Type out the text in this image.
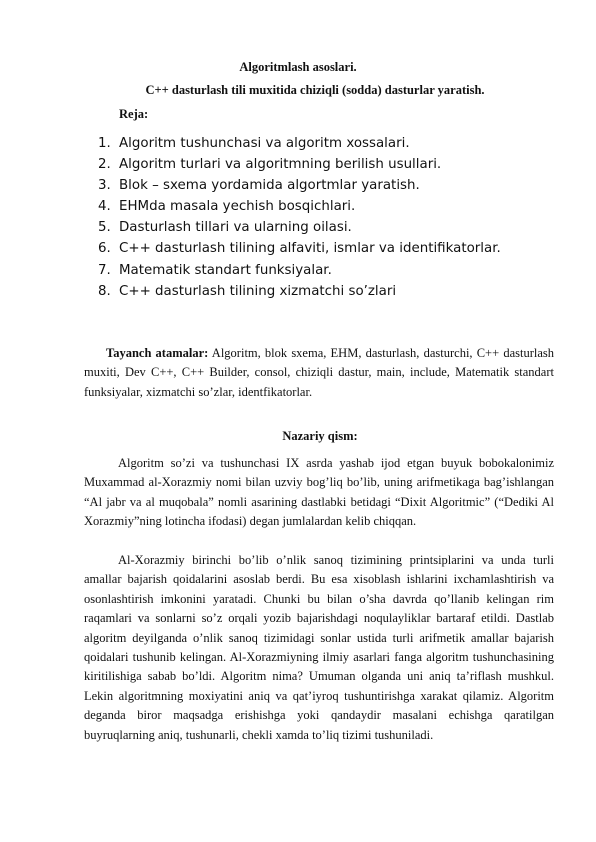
Algoritmlash asoslari.

C++ dasturlash tili muxitida chiziqli (sodda) dasturlar yaratish.

Reja:

1. Algoritm tushunchasi va algoritm xossalari.
2. Algoritm turlari va algoritmning berilish usullari.
3. Blok – sxema yordamida algortmlar yaratish.
4. EHMda masala yechish bosqichlari.
5. Dasturlash tillari va ularning oilasi.
6. C++ dasturlash tilining alfaviti, ismlar va identifikatorlar.
7. Matematik standart funksiyalar.
8. C++ dasturlash tilining xizmatchi so’zlari

Tayanch atamalar: Algoritm, blok sxema, EHM, dasturlash, dasturchi, C++ dasturlash muxiti, Dev C++, C++ Builder, consol, chiziqli dastur, main, include, Matematik standart funksiyalar, xizmatchi so’zlar, identfikatorlar.

Nazariy qism:

Algoritm so’zi va tushunchasi IX asrda yashab ijod etgan buyuk bobokalonimiz Muxammad al-Xorazmiy nomi bilan uzviy bog’liq bo’lib, uning arifmetikaga bag’ishlangan “Al jabr va al muqobala” nomli asarining dastlabki betidagi “Dixit Algoritmic” (“Dediki Al Xorazmiy”ning lotincha ifodasi) degan jumlalardan kelib chiqqan.

Al-Xorazmiy birinchi bo’lib o’nlik sanoq tizimining printsiplarini va unda turli amallar bajarish qoidalarini asoslab berdi. Bu esa xisoblash ishlarini ixchamlashtirish va osonlashtirish imkonini yaratadi. Chunki bu bilan o’sha davrda qo’llanib kelingan rim raqamlari va sonlarni so’z orqali yozib bajarishdagi noqulayliklar bartaraf etildi. Dastlab algoritm deyilganda o’nlik sanoq tizimidagi sonlar ustida turli arifmetik amallar bajarish qoidalari tushunib kelingan. Al-Xorazmiyning ilmiy asarlari fanga algoritm tushunchasining kiritilishiga sabab bo’ldi. Algoritm nima? Umuman olganda uni aniq ta’riflash mushkul. Lekin algoritmning moxiyatini aniq va qat’iyroq tushuntirishga xarakat qilamiz. Algoritm deganda biror maqsadga erishishga yoki qandaydir masalani echishga qaratilgan buyruqlarning aniq, tushunarli, chekli xamda to’liq tizimi tushuniladi.
